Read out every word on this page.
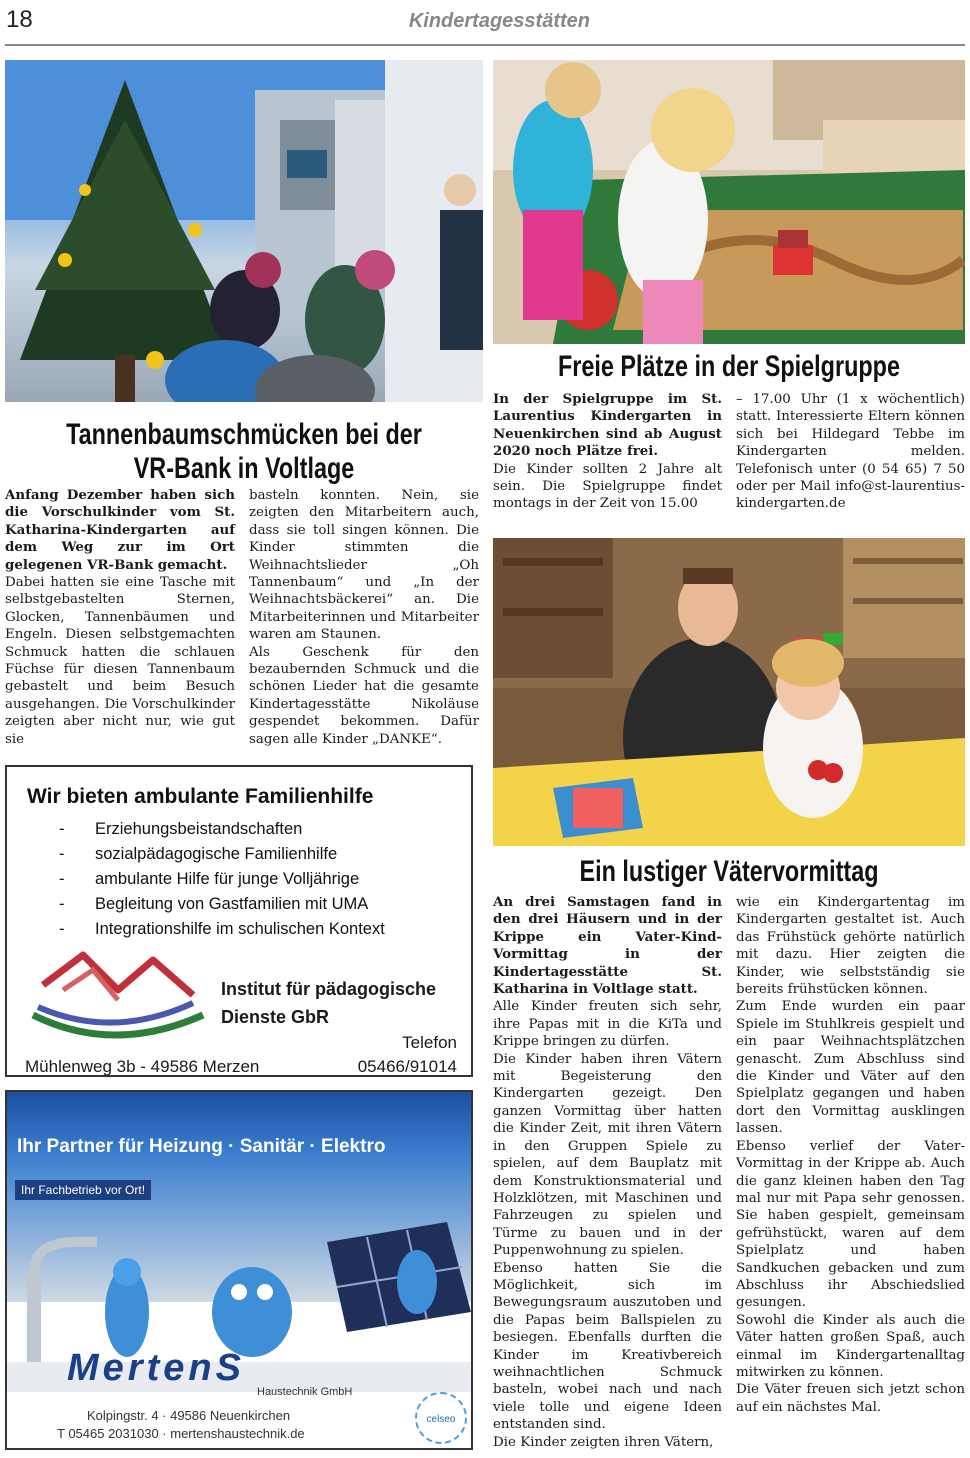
18	Kindertagesstätten
Tannenbaumschmücken bei der
VR-Bank in Voltlage

Anfang Dezember haben sich die Vorschulkinder vom St. Katharina-Kindergarten auf dem Weg zur im Ort gelegenen VR-Bank gemacht.

Dabei hatten sie eine Tasche mit selbstgebastelten Sternen, Glocken, Tannenbäumen und Engeln. Diesen selbstgemachten Schmuck hatten die schlauen Füchse für diesen Tannenbaum gebastelt und beim Besuch ausgehangen. Die Vorschulkinder zeigten aber nicht nur, wie gut sie

basteln konnten. Nein, sie zeigten den Mitarbeitern auch, dass sie toll singen können. Die Kinder stimmten die Weihnachtslieder „Oh Tannenbaum“ und „In der Weihnachtsbäckerei“ an. Die Mitarbeiterinnen und Mitarbeiter waren am Staunen.

Als Geschenk für den bezaubernden Schmuck und die schönen Lieder hat die gesamte Kindertagesstätte Nikoläuse gespendet bekommen. Dafür sagen alle Kinder „DANKE“.

Freie Plätze in der Spielgruppe

In der Spielgruppe im St. Laurentius Kindergarten in Neuenkirchen sind ab August 2020 noch Plätze frei.

Die Kinder sollten 2 Jahre alt sein. Die Spielgruppe findet montags in der Zeit von 15.00

– 17.00 Uhr (1 x wöchentlich) statt. Interessierte Eltern können sich bei Hildegard Tebbe im Kindergarten melden. Telefonisch unter (0 54 65) 7 50 oder per Mail info@st-laurentius-kindergarten.de

Ein lustiger Vätervormittag

An drei Samstagen fand in den drei Häusern und in der Krippe ein Vater-Kind-Vormittag in der Kindertagesstätte St. Katharina in Voltlage statt.

Alle Kinder freuten sich sehr, ihre Papas mit in die KiTa und Krippe bringen zu dürfen.

Die Kinder haben ihren Vätern mit Begeisterung den Kindergarten gezeigt. Den ganzen Vormittag über hatten die Kinder Zeit, mit ihren Vätern in den Gruppen Spiele zu spielen, auf dem Bauplatz mit dem Konstruktionsmaterial und Holzklötzen, mit Maschinen und Fahrzeugen zu spielen und Türme zu bauen und in der Puppenwohnung zu spielen.

Ebenso hatten Sie die Möglichkeit, sich im Bewegungsraum auszutoben und die Papas beim Ballspielen zu besiegen. Ebenfalls durften die Kinder im Kreativbereich weihnachtlichen Schmuck basteln, wobei nach und nach viele tolle und eigene Ideen entstanden sind.

Die Kinder zeigten ihren Vätern,

wie ein Kindergartentag im Kindergarten gestaltet ist. Auch das Frühstück gehörte natürlich mit dazu. Hier zeigten die Kinder, wie selbstständig sie bereits frühstücken können.

Zum Ende wurden ein paar Spiele im Stuhlkreis gespielt und ein paar Weihnachtsplätzchen genascht. Zum Abschluss sind die Kinder und Väter auf den Spielplatz gegangen und haben dort den Vormittag ausklingen lassen.

Ebenso verlief der Vater-Vormittag in der Krippe ab. Auch die ganz kleinen haben den Tag mal nur mit Papa sehr genossen. Sie haben gespielt, gemeinsam gefrühstückt, waren auf dem Spielplatz und haben Sandkuchen gebacken und zum Abschluss ihr Abschiedslied gesungen.

Sowohl die Kinder als auch die Väter hatten großen Spaß, auch einmal im Kindergartenalltag mitwirken zu können.

Die Väter freuen sich jetzt schon auf ein nächstes Mal.

Wir bieten ambulante Familienhilfe
- Erziehungsbeistandschaften
- sozialpädagogische Familienhilfe
- ambulante Hilfe für junge Volljährige
- Begleitung von Gastfamilien mit UMA
- Integrationshilfe im schulischen Kontext
Institut für pädagogische
Dienste GbR
Mühlenweg 3b - 49586 Merzen
Telefon
05466/91014
Ihr Partner für Heizung · Sanitär · Elektro
Ihr Fachbetrieb vor Ort!
MertenS
Haustechnik GmbH
Kolpingstr. 4 · 49586 Neuenkirchen
T 05465 2031030 · mertenshaustechnik.de
celseo
